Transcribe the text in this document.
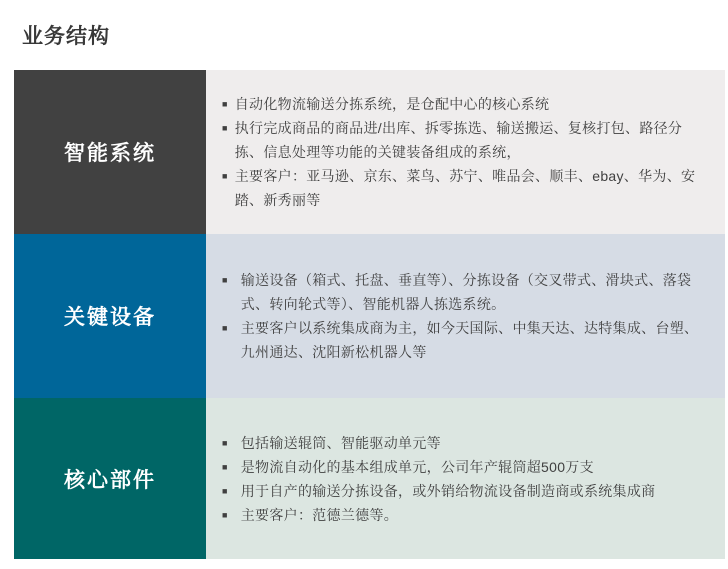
业务结构
智能系统
■ 自动化物流输送分拣系统，是仓配中心的核心系统
■ 执行完成商品的商品进/出库、拆零拣选、输送搬运、复核打包、路径分拣、信息处理等功能的关键装备组成的系统，
■ 主要客户：亚马逊、京东、菜鸟、苏宁、唯品会、顺丰、ebay、华为、安踏、新秀丽等
关键设备
■ 输送设备（箱式、托盘、垂直等）、分拣设备（交叉带式、滑块式、落袋式、转向轮式等）、智能机器人拣选系统。
■ 主要客户以系统集成商为主，如今天国际、中集天达、达特集成、台塑、九州通达、沈阳新松机器人等
核心部件
■ 包括输送辊筒、智能驱动单元等
■ 是物流自动化的基本组成单元，公司年产辊筒超500万支
■ 用于自产的输送分拣设备，或外销给物流设备制造商或系统集成商
■ 主要客户：范德兰德等。
